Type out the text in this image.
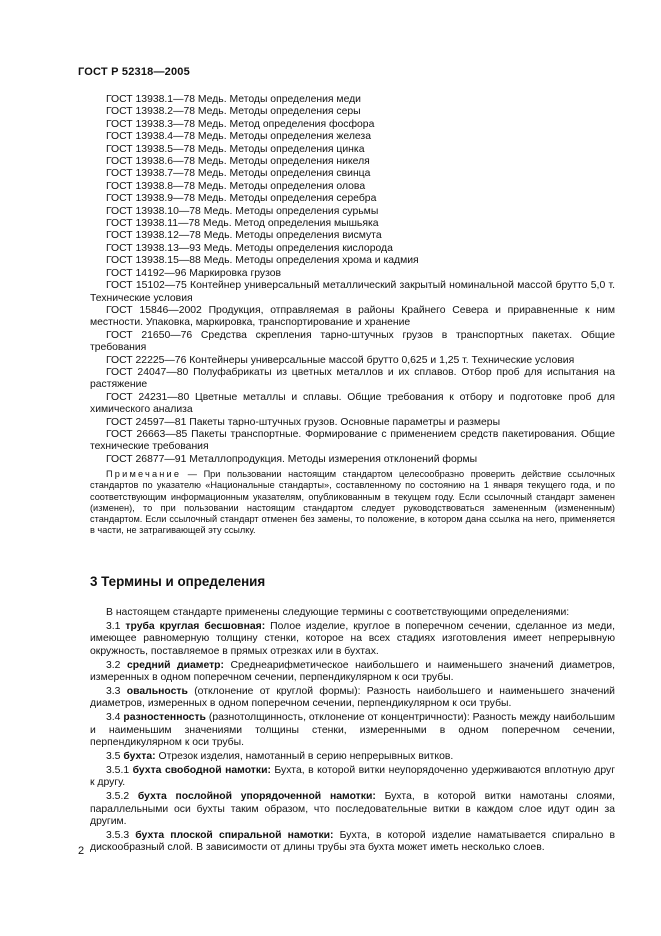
ГОСТ Р 52318—2005

ГОСТ 13938.1—78 Медь. Методы определения меди

ГОСТ 13938.2—78 Медь. Методы определения серы

ГОСТ 13938.3—78 Медь. Метод определения фосфора

ГОСТ 13938.4—78 Медь. Методы определения железа

ГОСТ 13938.5—78 Медь. Методы определения цинка

ГОСТ 13938.6—78 Медь. Методы определения никеля

ГОСТ 13938.7—78 Медь. Методы определения свинца

ГОСТ 13938.8—78 Медь. Методы определения олова

ГОСТ 13938.9—78 Медь. Методы определения серебра

ГОСТ 13938.10—78 Медь. Методы определения сурьмы

ГОСТ 13938.11—78 Медь. Метод определения мышьяка

ГОСТ 13938.12—78 Медь. Методы определения висмута

ГОСТ 13938.13—93 Медь. Методы определения кислорода

ГОСТ 13938.15—88 Медь. Методы определения хрома и кадмия

ГОСТ 14192—96 Маркировка грузов

ГОСТ 15102—75 Контейнер универсальный металлический закрытый номинальной массой брутто 5,0 т. Технические условия

ГОСТ 15846—2002 Продукция, отправляемая в районы Крайнего Севера и приравненные к ним местности. Упаковка, маркировка, транспортирование и хранение

ГОСТ 21650—76 Средства скрепления тарно-штучных грузов в транспортных пакетах. Общие требования

ГОСТ 22225—76 Контейнеры универсальные массой брутто 0,625 и 1,25 т. Технические условия

ГОСТ 24047—80 Полуфабрикаты из цветных металлов и их сплавов. Отбор проб для испытания на растяжение

ГОСТ 24231—80 Цветные металлы и сплавы. Общие требования к отбору и подготовке проб для химического анализа

ГОСТ 24597—81 Пакеты тарно-штучных грузов. Основные параметры и размеры

ГОСТ 26663—85 Пакеты транспортные. Формирование с применением средств пакетирования. Общие технические требования

ГОСТ 26877—91 Металлопродукция. Методы измерения отклонений формы

Примечание — При пользовании настоящим стандартом целесообразно проверить действие ссылочных стандартов по указателю «Национальные стандарты», составленному по состоянию на 1 января текущего года, и по соответствующим информационным указателям, опубликованным в текущем году. Если ссылочный стандарт заменен (изменен), то при пользовании настоящим стандартом следует руководствоваться замененным (измененным) стандартом. Если ссылочный стандарт отменен без замены, то положение, в котором дана ссылка на него, применяется в части, не затрагивающей эту ссылку.

3 Термины и определения

В настоящем стандарте применены следующие термины с соответствующими определениями:

3.1 труба круглая бесшовная: Полое изделие, круглое в поперечном сечении, сделанное из меди, имеющее равномерную толщину стенки, которое на всех стадиях изготовления имеет непрерывную окружность, поставляемое в прямых отрезках или в бухтах.

3.2 средний диаметр: Среднеарифметическое наибольшего и наименьшего значений диаметров, измеренных в одном поперечном сечении, перпендикулярном к оси трубы.

3.3 овальность (отклонение от круглой формы): Разность наибольшего и наименьшего значений диаметров, измеренных в одном поперечном сечении, перпендикулярном к оси трубы.

3.4 разностенность (разнотолщинность, отклонение от концентричности): Разность между наибольшим и наименьшим значениями толщины стенки, измеренными в одном поперечном сечении, перпендикулярном к оси трубы.

3.5 бухта: Отрезок изделия, намотанный в серию непрерывных витков.

3.5.1 бухта свободной намотки: Бухта, в которой витки неупорядоченно удерживаются вплотную друг к другу.

3.5.2 бухта послойной упорядоченной намотки: Бухта, в которой витки намотаны слоями, параллельными оси бухты таким образом, что последовательные витки в каждом слое идут один за другим.

3.5.3 бухта плоской спиральной намотки: Бухта, в которой изделие наматывается спирально в дискообразный слой. В зависимости от длины трубы эта бухта может иметь несколько слоев.

2
